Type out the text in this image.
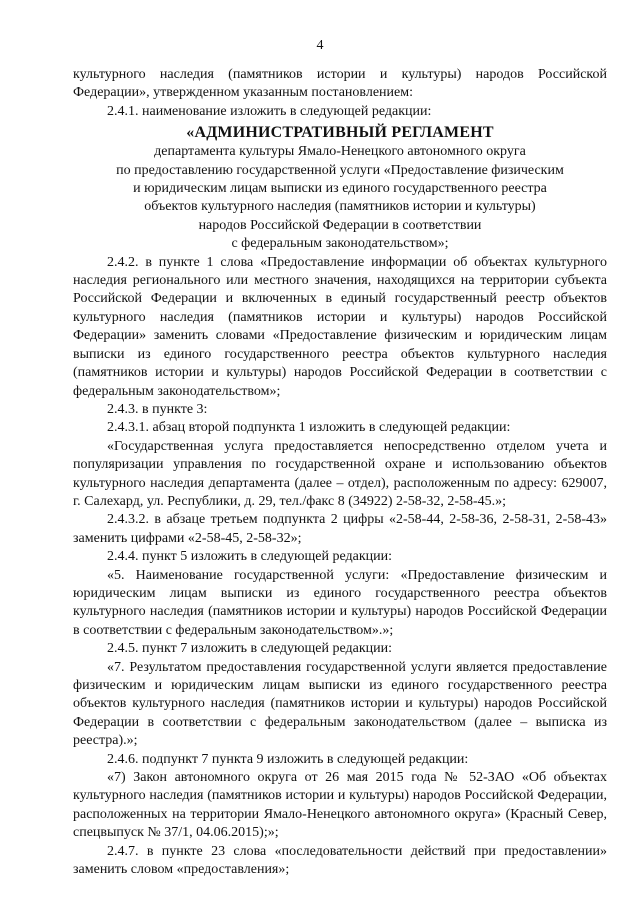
4

культурного наследия (памятников истории и культуры) народов Российской Федерации», утвержденном указанным постановлением:

2.4.1. наименование изложить в следующей редакции:

«АДМИНИСТРАТИВНЫЙ РЕГЛАМЕНТ
департамента культуры Ямало-Ненецкого автономного округа
по предоставлению государственной услуги «Предоставление физическим
и юридическим лицам выписки из единого государственного реестра
объектов культурного наследия (памятников истории и культуры)
народов Российской Федерации в соответствии
с федеральным законодательством»;

2.4.2. в пункте 1 слова «Предоставление информации об объектах культурного наследия регионального или местного значения, находящихся на территории субъекта Российской Федерации и включенных в единый государственный реестр объектов культурного наследия (памятников истории и культуры) народов Российской Федерации» заменить словами «Предоставление физическим и юридическим лицам выписки из единого государственного реестра объектов культурного наследия (памятников истории и культуры) народов Российской Федерации в соответствии с федеральным законодательством»;

2.4.3. в пункте 3:

2.4.3.1. абзац второй подпункта 1 изложить в следующей редакции:

«Государственная услуга предоставляется непосредственно отделом учета и популяризации управления по государственной охране и использованию объектов культурного наследия департамента (далее – отдел), расположенным по адресу: 629007, г. Салехард, ул. Республики, д. 29, тел./факс 8 (34922) 2-58-32, 2-58-45.»;

2.4.3.2. в абзаце третьем подпункта 2 цифры «2-58-44, 2-58-36, 2-58-31, 2-58-43» заменить цифрами «2-58-45, 2-58-32»;

2.4.4. пункт 5 изложить в следующей редакции:

«5. Наименование государственной услуги: «Предоставление физическим и юридическим лицам выписки из единого государственного реестра объектов культурного наследия (памятников истории и культуры) народов Российской Федерации в соответствии с федеральным законодательством».»;

2.4.5. пункт 7 изложить в следующей редакции:

«7. Результатом предоставления государственной услуги является предоставление физическим и юридическим лицам выписки из единого государственного реестра объектов культурного наследия (памятников истории и культуры) народов Российской Федерации в соответствии с федеральным законодательством (далее – выписка из реестра).»;

2.4.6. подпункт 7 пункта 9 изложить в следующей редакции:

«7) Закон автономного округа от 26 мая 2015 года № 52-ЗАО «Об объектах культурного наследия (памятников истории и культуры) народов Российской Федерации, расположенных на территории Ямало-Ненецкого автономного округа» (Красный Север, спецвыпуск № 37/1, 04.06.2015);»;

2.4.7. в пункте 23 слова «последовательности действий при предоставлении» заменить словом «предоставления»;
